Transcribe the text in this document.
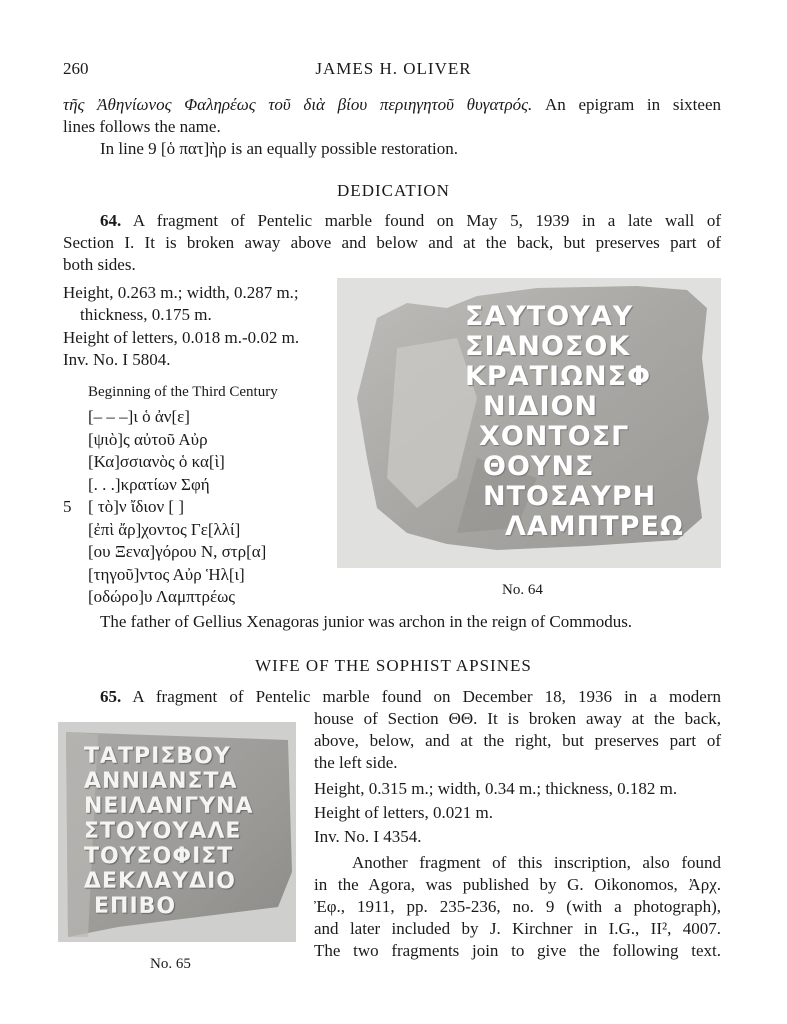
260	JAMES H. OLIVER
τῆς Ἀθηνίωνος Φαληρέως τοῦ διὰ βίου περιηγητοῦ θυγατρός. An epigram in sixteen
lines follows the name.
In line 9 [ὁ πατ]ὴρ is an equally possible restoration.
DEDICATION
64. A fragment of Pentelic marble found on May 5, 1939 in a late wall of
Section I. It is broken away above and below and at the back, but preserves part of
both sides.
Height, 0.263 m.; width, 0.287 m.;
thickness, 0.175 m.
Height of letters, 0.018 m.-0.02 m.
Inv. No. I 5804.
Beginning of the Third Century
[– – –]ι ὁ ἀν[ε]
[ψιὸ]ς αὐτοῦ Αὐρ
[Κα]σσιανὸς ὁ κα[ὶ]
[. . .]κρατίων Σφή
[ τὸ]ν ἴδιον [ ]
[ἐπὶ ἄρ]χοντος Γε[λλί]
[ου Ξενα]γόρου Ν, στρ[α]
[τηγοῦ]ντος Αὐρ Ἡλ[ι]
[οδώρο]υ Λαμπτρέως
5
ΣΑΥΤΟΥΑΥ
ΣΙΑΝΟΣΟΚ
ΚΡΑΤΙΩΝΣΦ
ΝΙΔΙΟΝ
ΧΟΝΤΟΣΓ
ΘΟΥΝΣ
ΝΤΟΣΑΥΡΗ
ΛΑΜΠΤΡΕΩ
No. 64
The father of Gellius Xenagoras junior was archon in the reign of Commodus.
WIFE OF THE SOPHIST APSINES
65. A fragment of Pentelic marble found on December 18, 1936 in a modern
house of Section ΘΘ. It is broken away at the back,
above, below, and at the right, but preserves part of
the left side.
Height, 0.315 m.; width, 0.34 m.; thickness, 0.182 m.
Height of letters, 0.021 m.
Inv. No. I 4354.
Another fragment of this inscription, also found
in the Agora, was published by G. Oikonomos, Ἀρχ.
Ἐφ., 1911, pp. 235-236, no. 9 (with a photograph),
and later included by J. Kirchner in I.G., II², 4007.
The two fragments join to give the following text.
ΤΑΤΡΙΣΒΟΥ
ΑΝΝΙΑΝΣΤΑ
ΝΕΙΛΑΝΓΥΝΑ
ΣΤΟΥΟΥΑΛΕ
ΤΟΥΣΟΦΙΣΤ
ΔΕΚΛΑΥΔΙΟ
ΕΠΙΒΟ
No. 65
